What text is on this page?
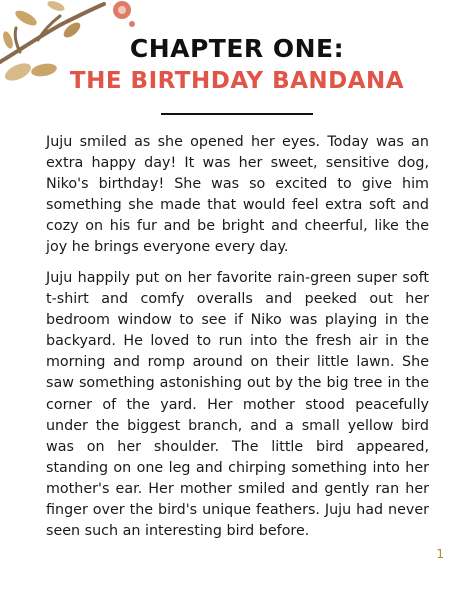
CHAPTER ONE:
THE BIRTHDAY BANDANA

Juju smiled as she opened her eyes. Today was an extra happy day! It was her sweet, sensitive dog, Niko's birthday! She was so excited to give him something she made that would feel extra soft and cozy on his fur and be bright and cheerful, like the joy he brings everyone every day.

Juju happily put on her favorite rain-green super soft t-shirt and comfy overalls and peeked out her bedroom window to see if Niko was playing in the backyard. He loved to run into the fresh air in the morning and romp around on their little lawn. She saw something astonishing out by the big tree in the corner of the yard. Her mother stood peacefully under the biggest branch, and a small yellow bird was on her shoulder. The little bird appeared, standing on one leg and chirping something into her mother's ear. Her mother smiled and gently ran her finger over the bird's unique feathers. Juju had never seen such an interesting bird before.

1
